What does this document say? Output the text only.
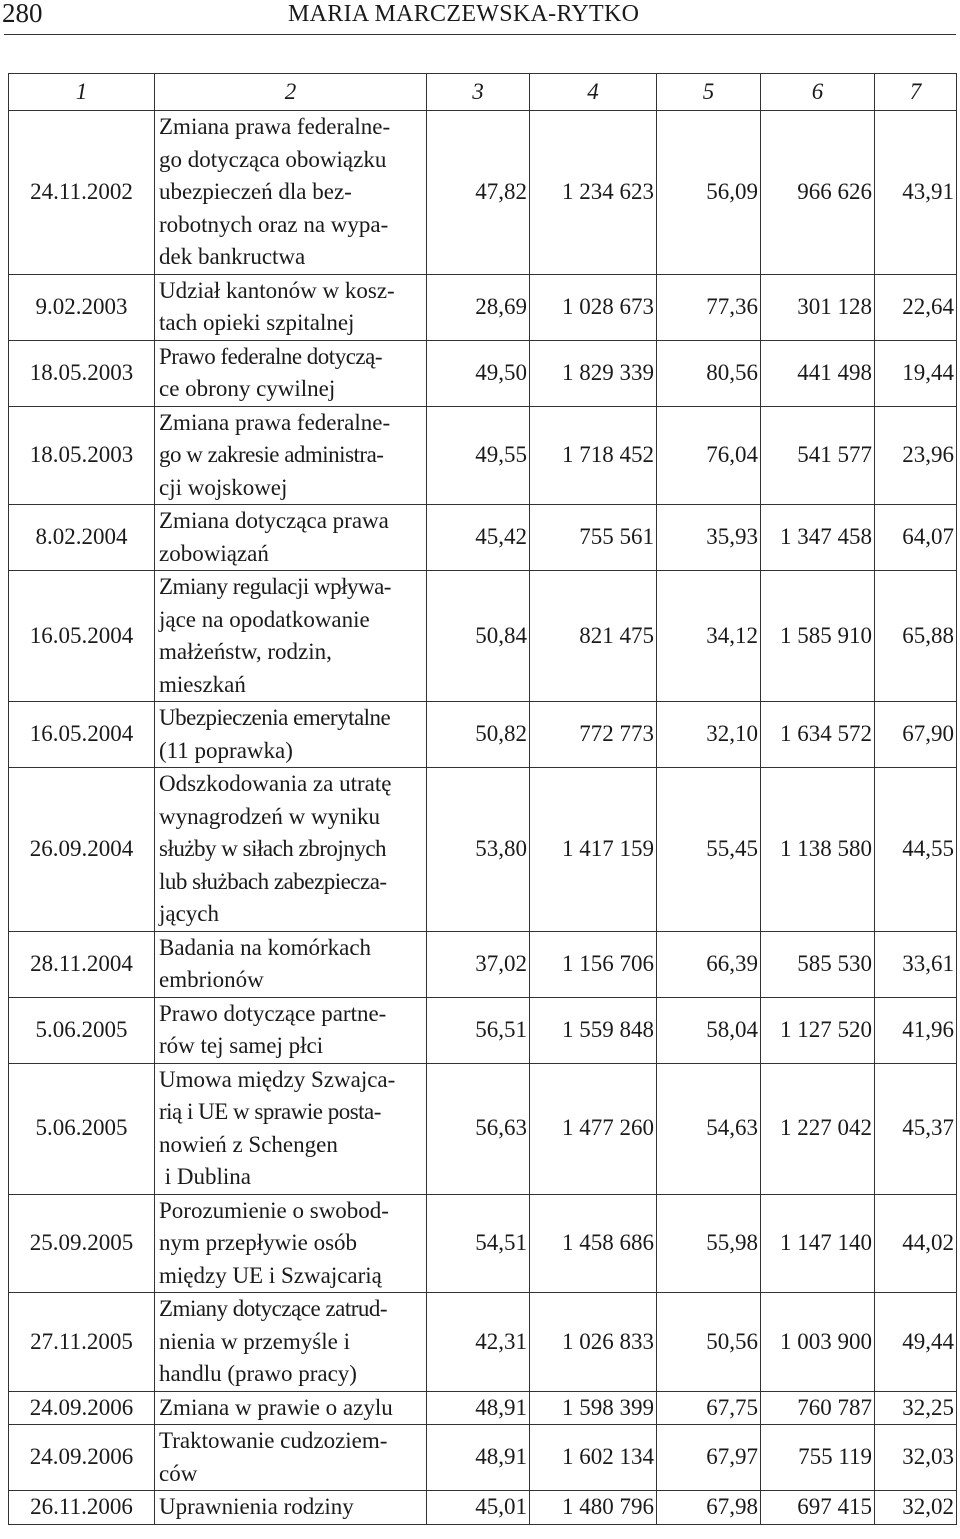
280	MARIA MARCZEWSKA-RYTKO
1	2	3	4	5	6	7
24.11.2002	Zmiana prawa federalne-
go dotycząca obowiązku
ubezpieczeń dla bez-
robotnych oraz na wypa-
dek bankructwa	47,82	1 234 623	56,09	966 626	43,91
9.02.2003	Udział kantonów w kosz-
tach opieki szpitalnej	28,69	1 028 673	77,36	301 128	22,64
18.05.2003	Prawo federalne dotyczą-
ce obrony cywilnej	49,50	1 829 339	80,56	441 498	19,44
18.05.2003	Zmiana prawa federalne-
go w zakresie administra-
cji wojskowej	49,55	1 718 452	76,04	541 577	23,96
8.02.2004	Zmiana dotycząca prawa
zobowiązań	45,42	755 561	35,93	1 347 458	64,07
16.05.2004	Zmiany regulacji wpływa-
jące na opodatkowanie
małżeństw, rodzin,
mieszkań	50,84	821 475	34,12	1 585 910	65,88
16.05.2004	Ubezpieczenia emerytalne
(11 poprawka)	50,82	772 773	32,10	1 634 572	67,90
26.09.2004	Odszkodowania za utratę
wynagrodzeń w wyniku
służby w siłach zbrojnych
lub służbach zabezpiecza-
jących	53,80	1 417 159	55,45	1 138 580	44,55
28.11.2004	Badania na komórkach
embrionów	37,02	1 156 706	66,39	585 530	33,61
5.06.2005	Prawo dotyczące partne-
rów tej samej płci	56,51	1 559 848	58,04	1 127 520	41,96
5.06.2005	Umowa między Szwajca-
rią i UE w sprawie posta-
nowień z Schengen
i Dublina	56,63	1 477 260	54,63	1 227 042	45,37
25.09.2005	Porozumienie o swobod-
nym przepływie osób
między UE i Szwajcarią	54,51	1 458 686	55,98	1 147 140	44,02
27.11.2005	Zmiany dotyczące zatrud-
nienia w przemyśle i
handlu (prawo pracy)	42,31	1 026 833	50,56	1 003 900	49,44
24.09.2006	Zmiana w prawie o azylu	48,91	1 598 399	67,75	760 787	32,25
24.09.2006	Traktowanie cudzoziem-
ców	48,91	1 602 134	67,97	755 119	32,03
26.11.2006	Uprawnienia rodziny	45,01	1 480 796	67,98	697 415	32,02
